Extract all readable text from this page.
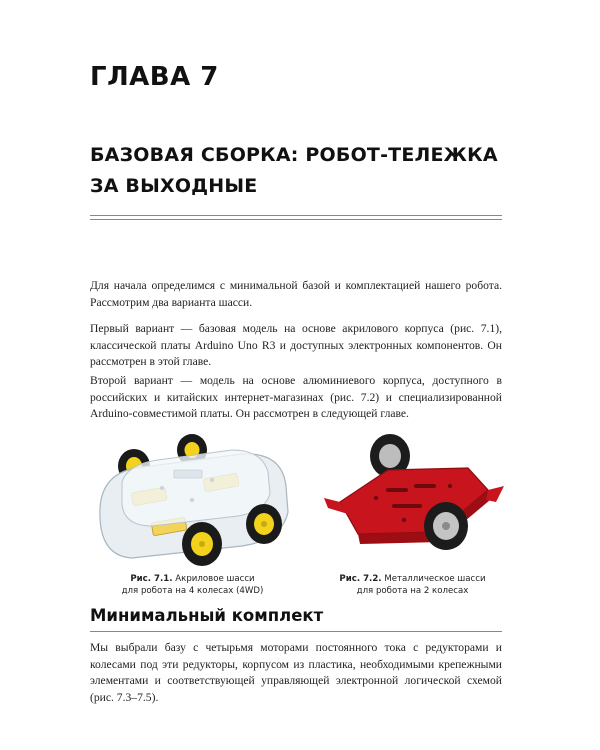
ГЛАВА 7
БАЗОВАЯ СБОРКА: РОБОТ-ТЕЛЕЖКА
ЗА ВЫХОДНЫЕ

Для начала определимся с минимальной базой и комплектацией нашего робота. Рассмотрим два варианта шасси.

Первый вариант — базовая модель на основе акрилового корпуса (рис. 7.1), классической платы Arduino Uno R3 и доступных электронных компонентов. Он рассмотрен в этой главе.

Второй вариант — модель на основе алюминиевого корпуса, доступного в российских и китайских интернет-магазинах (рис. 7.2) и специализированной Arduino-совместимой платы. Он рассмотрен в следующей главе.

Рис. 7.1. Акриловое шасси
для робота на 4 колесах (4WD)
Рис. 7.2. Металлическое шасси
для робота на 2 колесах
Минимальный комплект

Мы выбрали базу с четырьмя моторами постоянного тока с редукторами и колесами под эти редукторы, корпусом из пластика, необходимыми крепежными элементами и соответствующей управляющей электронной логической схемой (рис. 7.3–7.5).
